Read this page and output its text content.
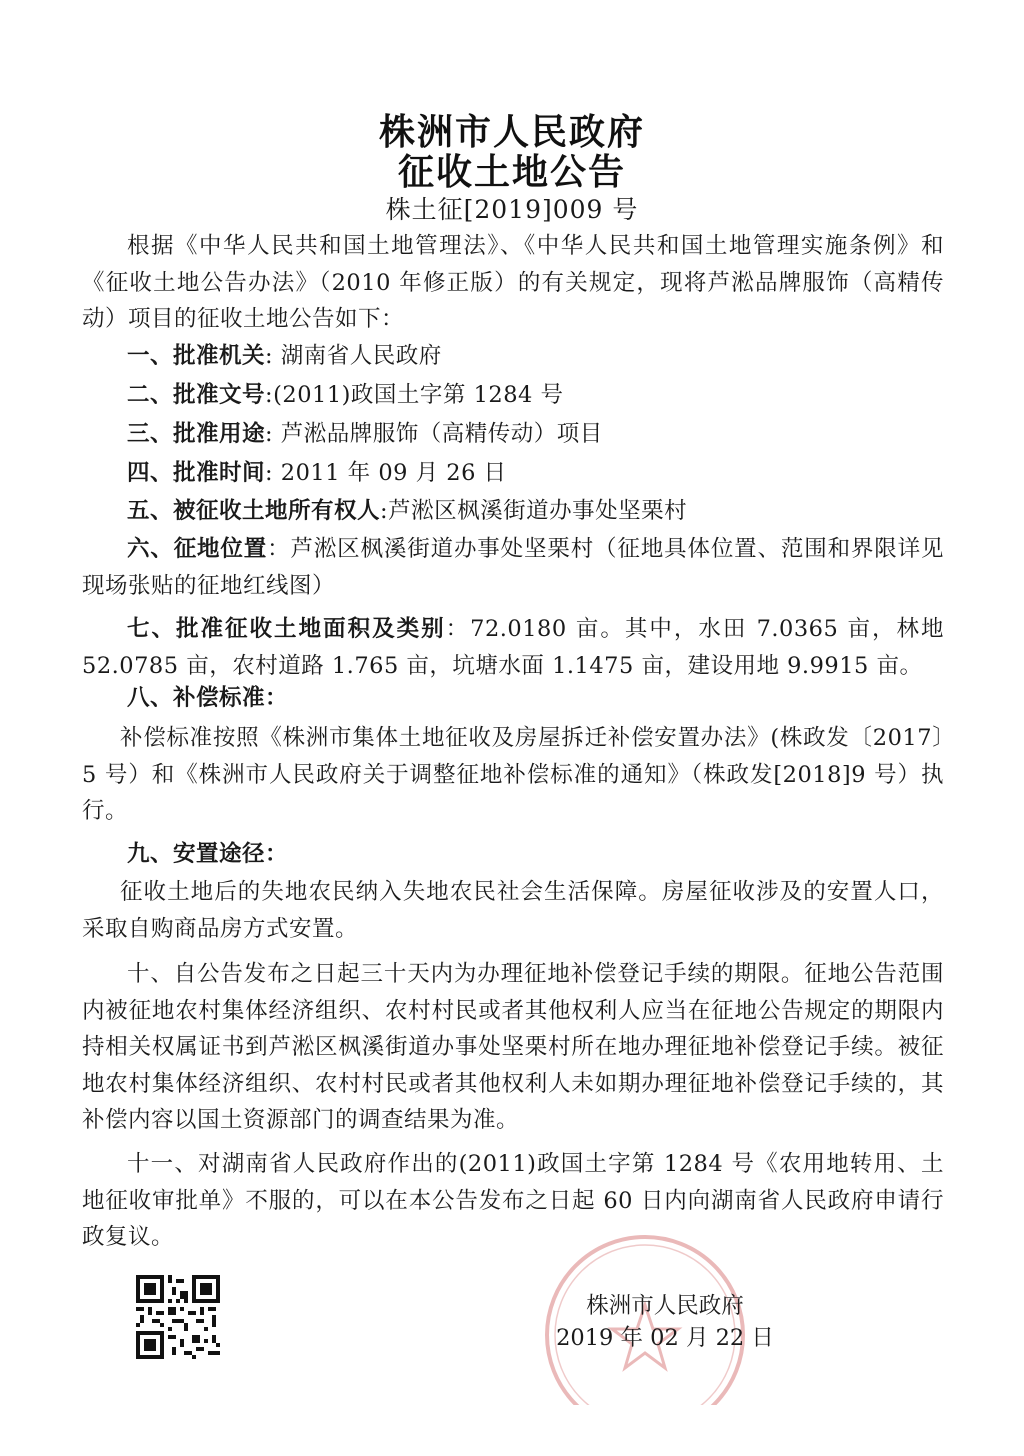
株洲市人民政府
征收土地公告
株土征[2019]009 号
根据《中华人民共和国土地管理法》、《中华人民共和国土地管理实施条例》和《征收土地公告办法》（2010 年修正版）的有关规定，现将芦淞品牌服饰（高精传动）项目的征收土地公告如下：
一、批准机关: 湖南省人民政府
二、批准文号:(2011)政国土字第 1284 号
三、批准用途: 芦淞品牌服饰（高精传动）项目
四、批准时间: 2011 年 09 月 26 日
五、被征收土地所有权人:芦淞区枫溪街道办事处坚栗村
六、征地位置：芦淞区枫溪街道办事处坚栗村（征地具体位置、范围和界限详见现场张贴的征地红线图）
七、批准征收土地面积及类别：72.0180 亩。其中，水田 7.0365 亩，林地 52.0785 亩，农村道路 1.765 亩，坑塘水面 1.1475 亩，建设用地 9.9915 亩。
八、补偿标准：
补偿标准按照《株洲市集体土地征收及房屋拆迁补偿安置办法》(株政发〔2017〕5 号）和《株洲市人民政府关于调整征地补偿标准的通知》（株政发[2018]9 号）执行。
九、安置途径：
征收土地后的失地农民纳入失地农民社会生活保障。房屋征收涉及的安置人口，采取自购商品房方式安置。
十、自公告发布之日起三十天内为办理征地补偿登记手续的期限。征地公告范围内被征地农村集体经济组织、农村村民或者其他权利人应当在征地公告规定的期限内持相关权属证书到芦淞区枫溪街道办事处坚栗村所在地办理征地补偿登记手续。被征地农村集体经济组织、农村村民或者其他权利人未如期办理征地补偿登记手续的，其补偿内容以国土资源部门的调查结果为准。
十一、对湖南省人民政府作出的(2011)政国土字第 1284 号《农用地转用、土地征收审批单》不服的，可以在本公告发布之日起 60 日内向湖南省人民政府申请行政复议。
株洲市人民政府
2019 年 02 月 22 日
